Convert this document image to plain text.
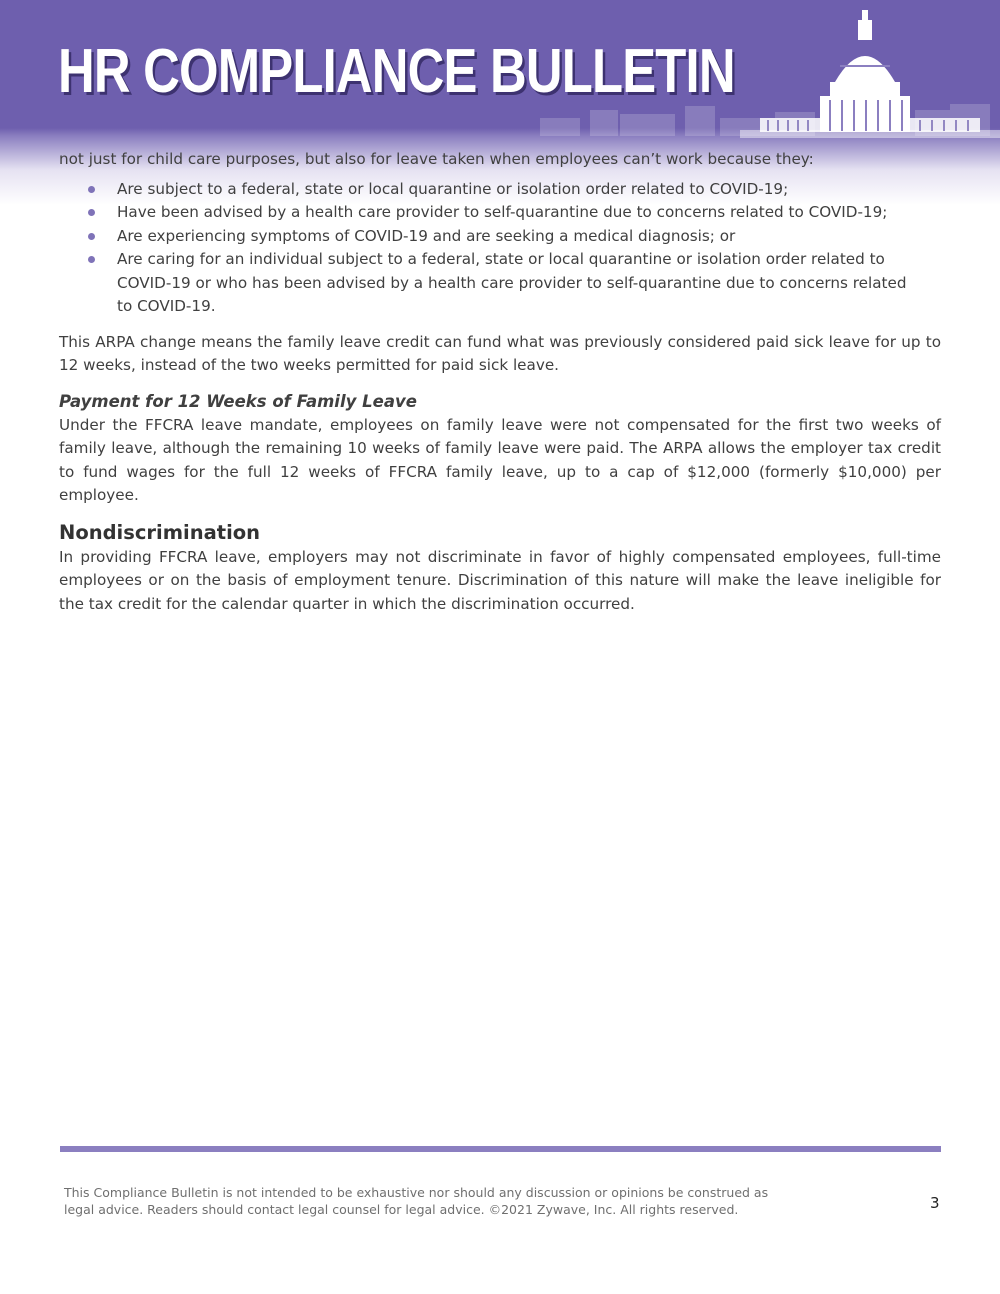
HR COMPLIANCE BULLETIN

not just for child care purposes, but also for leave taken when employees can’t work because they:

Are subject to a federal, state or local quarantine or isolation order related to COVID-19;
Have been advised by a health care provider to self-quarantine due to concerns related to COVID-19;
Are experiencing symptoms of COVID-19 and are seeking a medical diagnosis; or
Are caring for an individual subject to a federal, state or local quarantine or isolation order related to COVID-19 or who has been advised by a health care provider to self-quarantine due to concerns related to COVID-19.

This ARPA change means the family leave credit can fund what was previously considered paid sick leave for up to 12 weeks, instead of the two weeks permitted for paid sick leave.

Payment for 12 Weeks of Family Leave

Under the FFCRA leave mandate, employees on family leave were not compensated for the first two weeks of family leave, although the remaining 10 weeks of family leave were paid. The ARPA allows the employer tax credit to fund wages for the full 12 weeks of FFCRA family leave, up to a cap of $12,000 (formerly $10,000) per employee.

Nondiscrimination

In providing FFCRA leave, employers may not discriminate in favor of highly compensated employees, full-time employees or on the basis of employment tenure. Discrimination of this nature will make the leave ineligible for the tax credit for the calendar quarter in which the discrimination occurred.

This Compliance Bulletin is not intended to be exhaustive nor should any discussion or opinions be construed as
legal advice. Readers should contact legal counsel for legal advice. ©2021 Zywave, Inc. All rights reserved.	3
